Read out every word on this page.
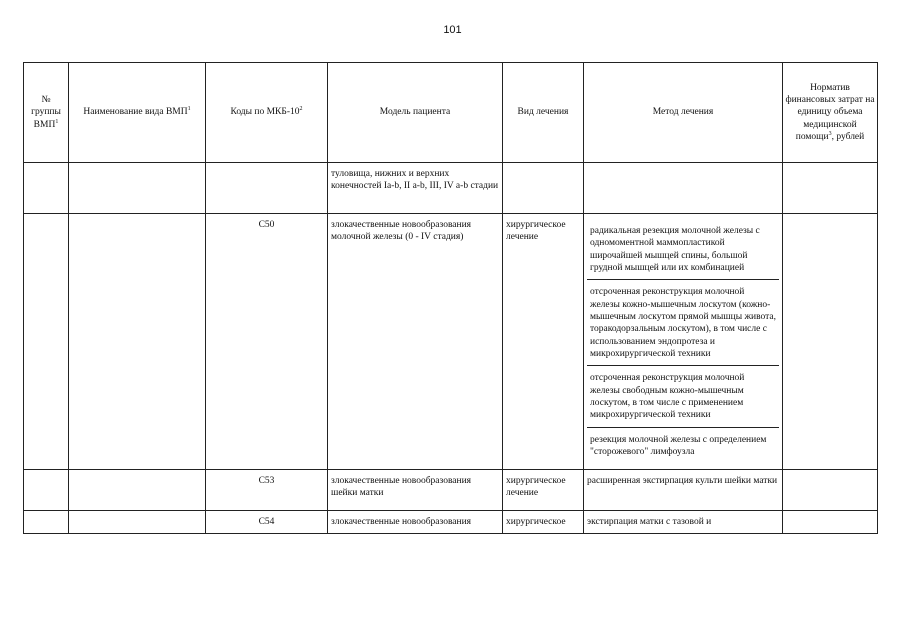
101
№ группы ВМП$^1$	Наименование вида ВМП$^1$	Коды по МКБ-$10^2$	Модель пациента	Вид лечения	Метод лечения	Норматив финансовых затрат на единицу объема медицинской помощи$^3$, рублей
			туловища, нижних и верхних конечностей Ia-b, II a-b, III, IV a-b стадии			
		C50	злокачественные новообразования молочной железы (0 - IV стадия)	хирургическое лечение	радикальная резекция молочной железы с одномоментной маммопластикой широчайшей мышцей спины, большой грудной мышцей или их комбинацией
отсроченная реконструкция молочной железы кожно-мышечным лоскутом (кожно-мышечным лоскутом прямой мышцы живота, торакодорзальным лоскутом), в том числе с использованием эндопротеза и микрохирургической техники
отсроченная реконструкция молочной железы свободным кожно-мышечным лоскутом, в том числе с применением микрохирургической техники
резекция молочной железы с определением "сторожевого" лимфоузла	

		C53	злокачественные новообразования шейки матки	хирургическое лечение	расширенная экстирпация культи шейки матки	
		C54	злокачественные новообразования	хирургическое	экстирпация матки с тазовой и	
